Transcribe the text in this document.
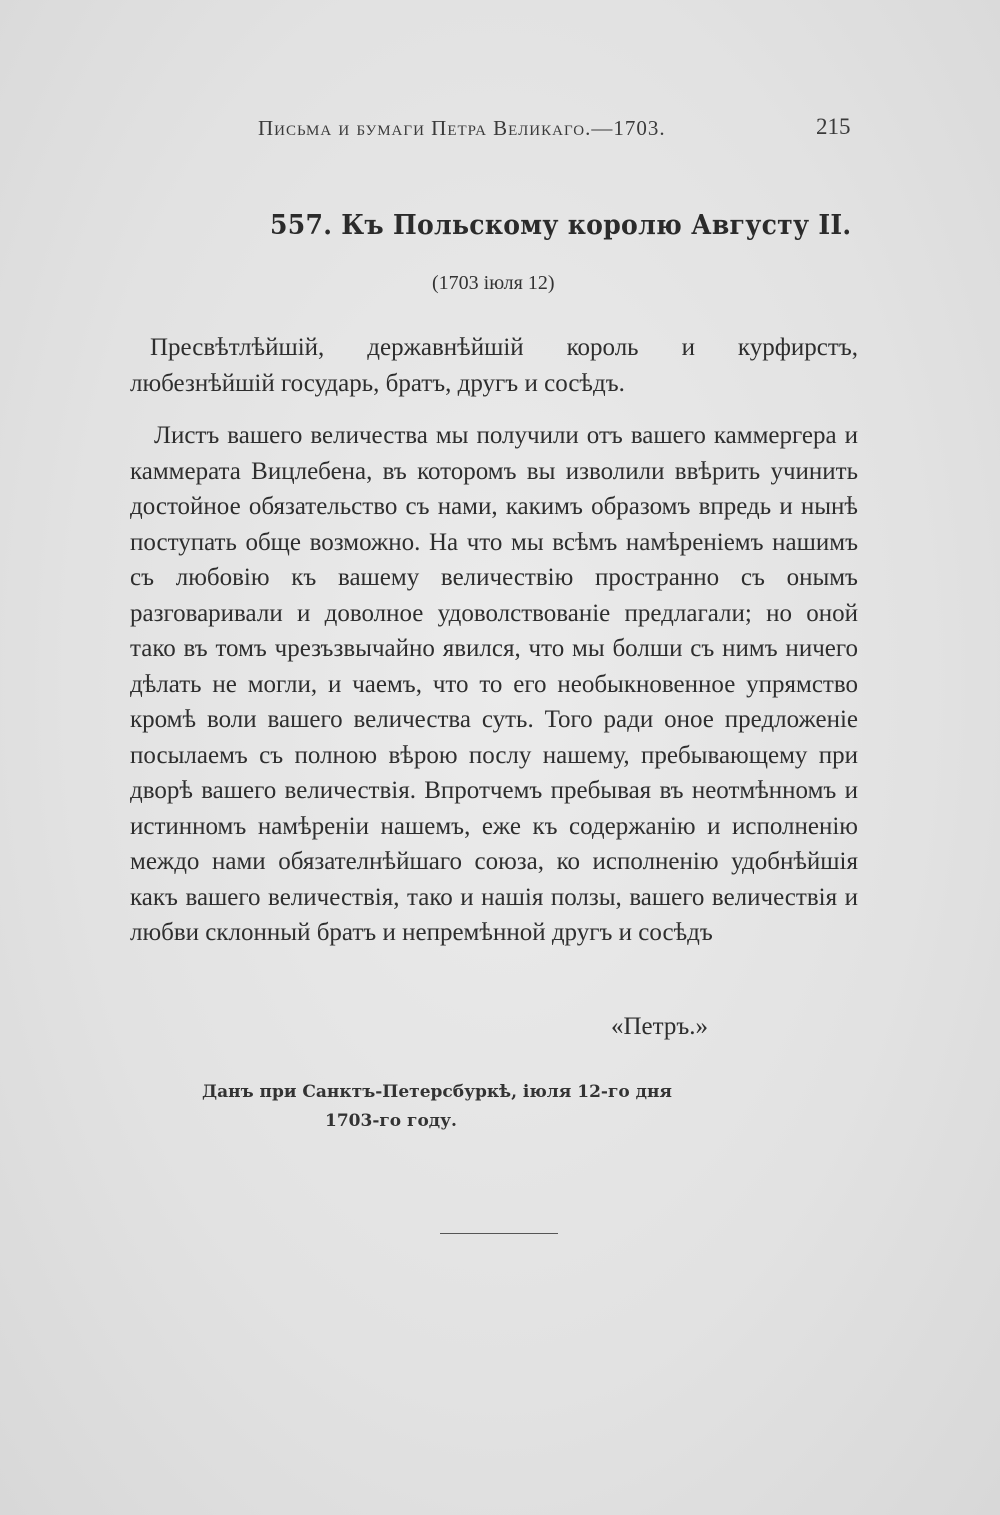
Письма и бумаги Петра Великаго.—1703.	215
557. Къ Польскому королю Августу II.
(1703 іюля 12)
Пресвѣтлѣйшій, державнѣйшій король и курфирстъ, любезнѣйшій государь, братъ, другъ и сосѣдъ.
Листъ вашего величества мы получили отъ вашего каммергера и каммерата Вицлебена, въ которомъ вы изволили ввѣрить учинить достойное обязательство съ нами, какимъ образомъ впредь и нынѣ поступать обще возможно. На что мы всѣмъ намѣреніемъ нашимъ съ любовію къ вашему величествію пространно съ онымъ разговаривали и доволное удоволствованіе предлагали; но оной тако въ томъ чрезъзвычайно явился, что мы болши съ нимъ ничего дѣлать не могли, и чаемъ, что то его необыкновенное упрямство кромѣ воли вашего величества суть. Того ради оное предложеніе посылаемъ съ полною вѣрою послу нашему, пребывающему при дворѣ вашего величествія. Впротчемъ пребывая въ неотмѣнномъ и истинномъ намѣреніи нашемъ, еже къ содержанію и исполненію междо нами обязателнѣйшаго союза, ко исполненію удобнѣйшія какъ вашего величествія, тако и нашія ползы, вашего величествія и любви склонный братъ и непремѣнной другъ и сосѣдъ
«Петръ.»
Данъ при Санктъ-Петерсбуркѣ, іюля 12-го дня
1703-го году.
